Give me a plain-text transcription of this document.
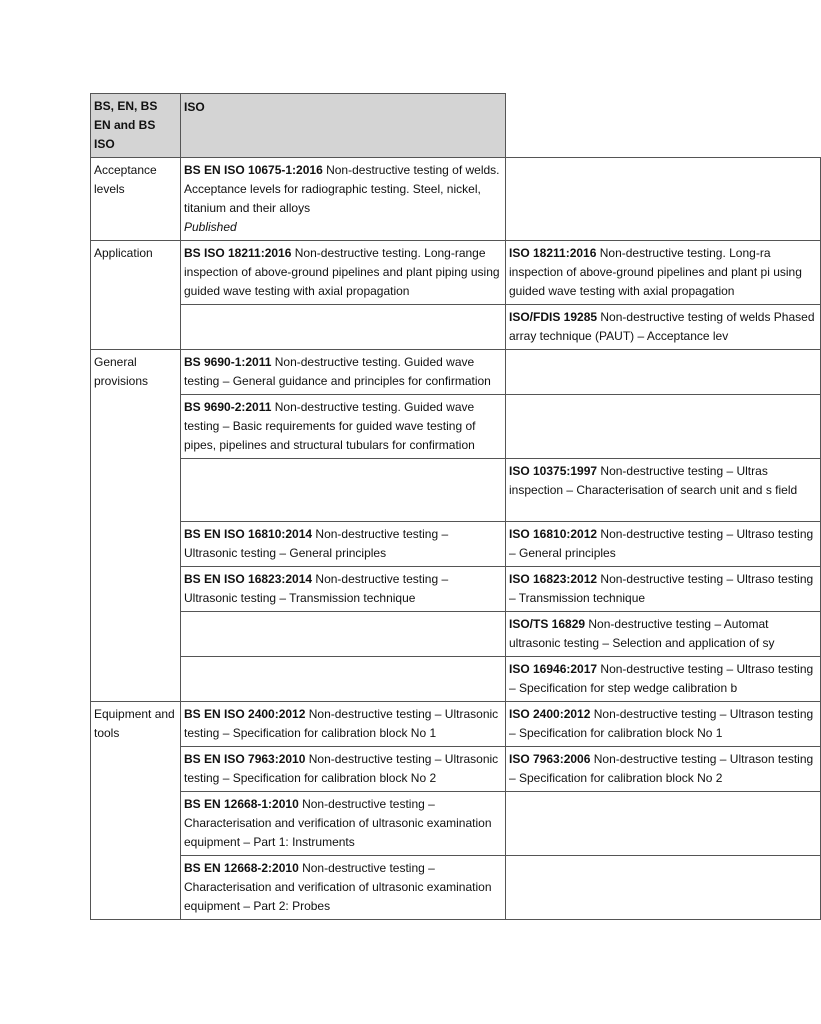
BS, EN, BS EN and BS ISO	ISO	
Acceptance levels	BS EN ISO 10675-1:2016 Non-destructive testing of welds. Acceptance levels for radiographic testing. Steel, nickel, titanium and their alloys
Published	

Application	BS ISO 18211:2016 Non-destructive testing. Long-range inspection of above-ground pipelines and plant piping using guided wave testing with axial propagation	ISO 18211:2016 Non-destructive testing. Long-ra inspection of above-ground pipelines and plant pi using guided wave testing with axial propagation
		ISO/FDIS 19285 Non-destructive testing of welds Phased array technique (PAUT) – Acceptance lev
General provisions	BS 9690-1:2011 Non-destructive testing. Guided wave testing – General guidance and principles for confirmation	
	BS 9690-2:2011 Non-destructive testing. Guided wave testing – Basic requirements for guided wave testing of pipes, pipelines and structural tubulars for confirmation	
		ISO 10375:1997 Non-destructive testing – Ultras inspection – Characterisation of search unit and s field
	BS EN ISO 16810:2014 Non-destructive testing – Ultrasonic testing – General principles	ISO 16810:2012 Non-destructive testing – Ultraso testing – General principles
	BS EN ISO 16823:2014 Non-destructive testing – Ultrasonic testing – Transmission technique	ISO 16823:2012 Non-destructive testing – Ultraso testing – Transmission technique
		ISO/TS 16829 Non-destructive testing – Automat ultrasonic testing – Selection and application of sy
		ISO 16946:2017 Non-destructive testing – Ultraso testing – Specification for step wedge calibration b
Equipment and tools	BS EN ISO 2400:2012 Non-destructive testing – Ultrasonic testing – Specification for calibration block No 1	ISO 2400:2012 Non-destructive testing – Ultrason testing – Specification for calibration block No 1
	BS EN ISO 7963:2010 Non-destructive testing – Ultrasonic testing – Specification for calibration block No 2	ISO 7963:2006 Non-destructive testing – Ultrason testing – Specification for calibration block No 2
	BS EN 12668-1:2010 Non-destructive testing – Characterisation and verification of ultrasonic examination equipment – Part 1: Instruments	
	BS EN 12668-2:2010 Non-destructive testing – Characterisation and verification of ultrasonic examination equipment – Part 2: Probes	
